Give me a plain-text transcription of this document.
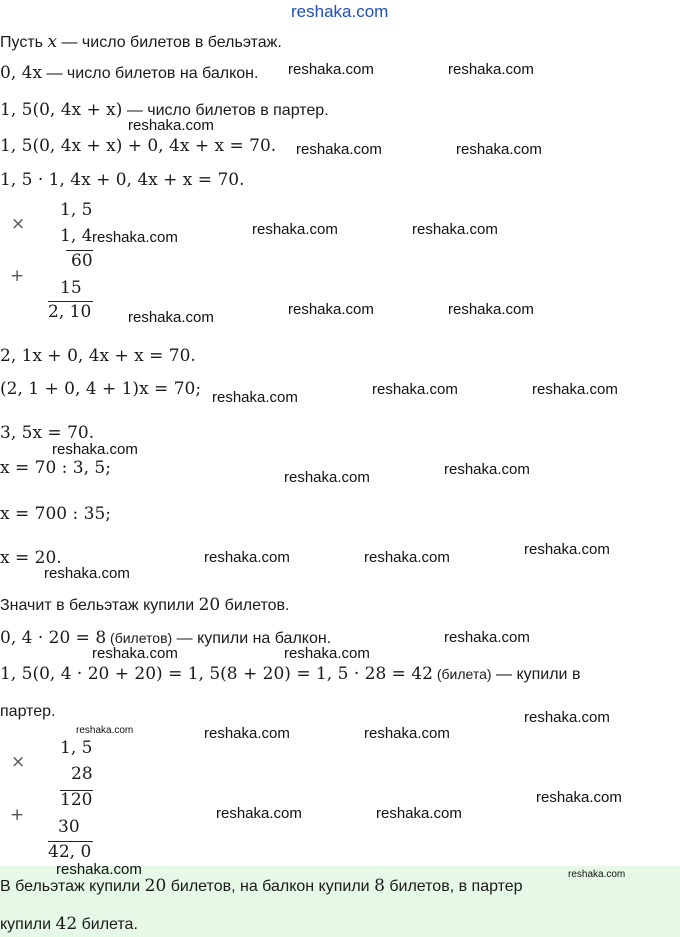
reshaka.com
Пусть x — число билетов в бельэтаж.
0, 4x — число билетов на балкон.
1, 5(0, 4x + x) — число билетов в партер.
1, 5(0, 4x + x) + 0, 4x + x = 70.
1, 5 · 1, 4x + 0, 4x + x = 70.
×
1, 5
1, 4
+
60
15
2, 10
2, 1x + 0, 4x + x = 70.
(2, 1 + 0, 4 + 1)x = 70;
3, 5x = 70.
x = 70 : 3, 5;
x = 700 : 35;
x = 20.
Значит в бельэтаж купили 20 билетов.
0, 4 · 20 = 8 (билетов) — купили на балкон.
1, 5(0, 4 · 20 + 20) = 1, 5(8 + 20) = 1, 5 · 28 = 42 (билета) — купили в
партер.
×
1, 5
28
+
120
30
42, 0
В бельэтаж купили 20 билетов, на балкон купили 8 билетов, в партер
купили 42 билета.
reshaka.com	reshaka.com
reshaka.com
reshaka.com	reshaka.com
reshaka.com	reshaka.com	reshaka.com
reshaka.com	reshaka.com	reshaka.com
reshaka.com	reshaka.com	reshaka.com
reshaka.com
reshaka.com	reshaka.com
reshaka.com	reshaka.com	reshaka.com
reshaka.com
reshaka.com
reshaka.com	reshaka.com
reshaka.com
reshaka.com	reshaka.com	reshaka.com
reshaka.com
reshaka.com	reshaka.com
reshaka.com	reshaka.com
